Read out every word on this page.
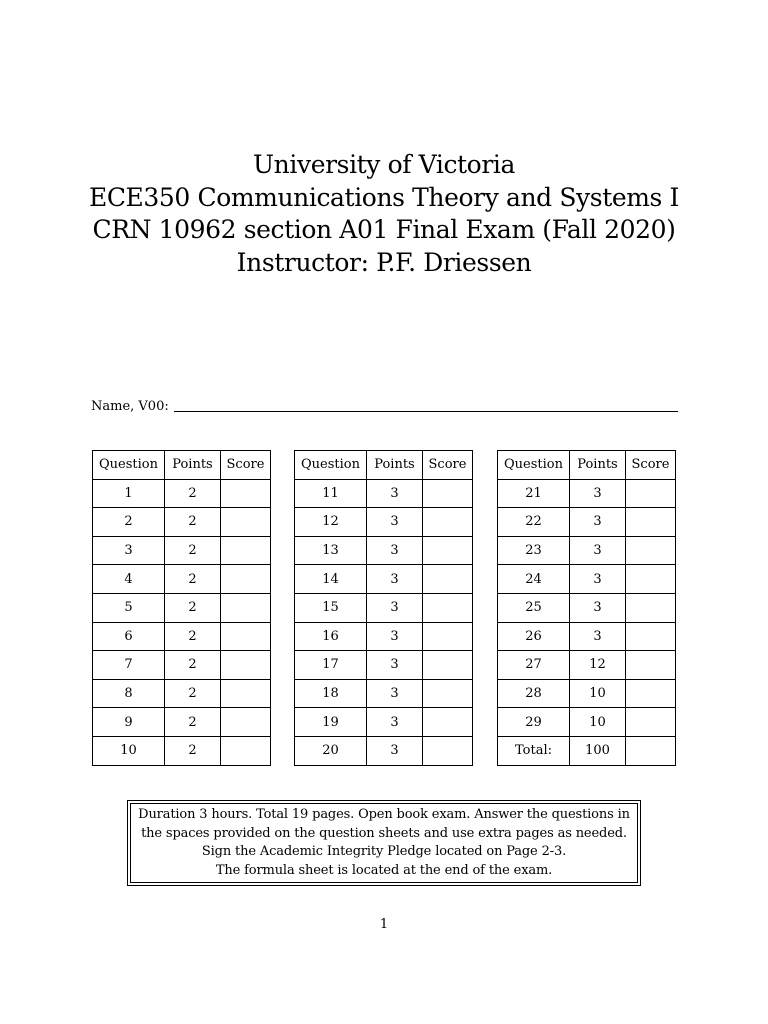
University of Victoria
ECE350 Communications Theory and Systems I
CRN 10962 section A01 Final Exam (Fall 2020)
Instructor: P.F. Driessen
Name, V00:
Question	Points	Score
1	2	
2	2	
3	2	
4	2	
5	2	
6	2	
7	2	
8	2	
9	2	
10	2	
Question	Points	Score
11	3	
12	3	
13	3	
14	3	
15	3	
16	3	
17	3	
18	3	
19	3	
20	3	
Question	Points	Score
21	3	
22	3	
23	3	
24	3	
25	3	
26	3	
27	12	
28	10	
29	10	
Total:	100	
Duration 3 hours. Total 19 pages. Open book exam. Answer the questions in
the spaces provided on the question sheets and use extra pages as needed.
Sign the Academic Integrity Pledge located on Page 2-3.
The formula sheet is located at the end of the exam.
1
